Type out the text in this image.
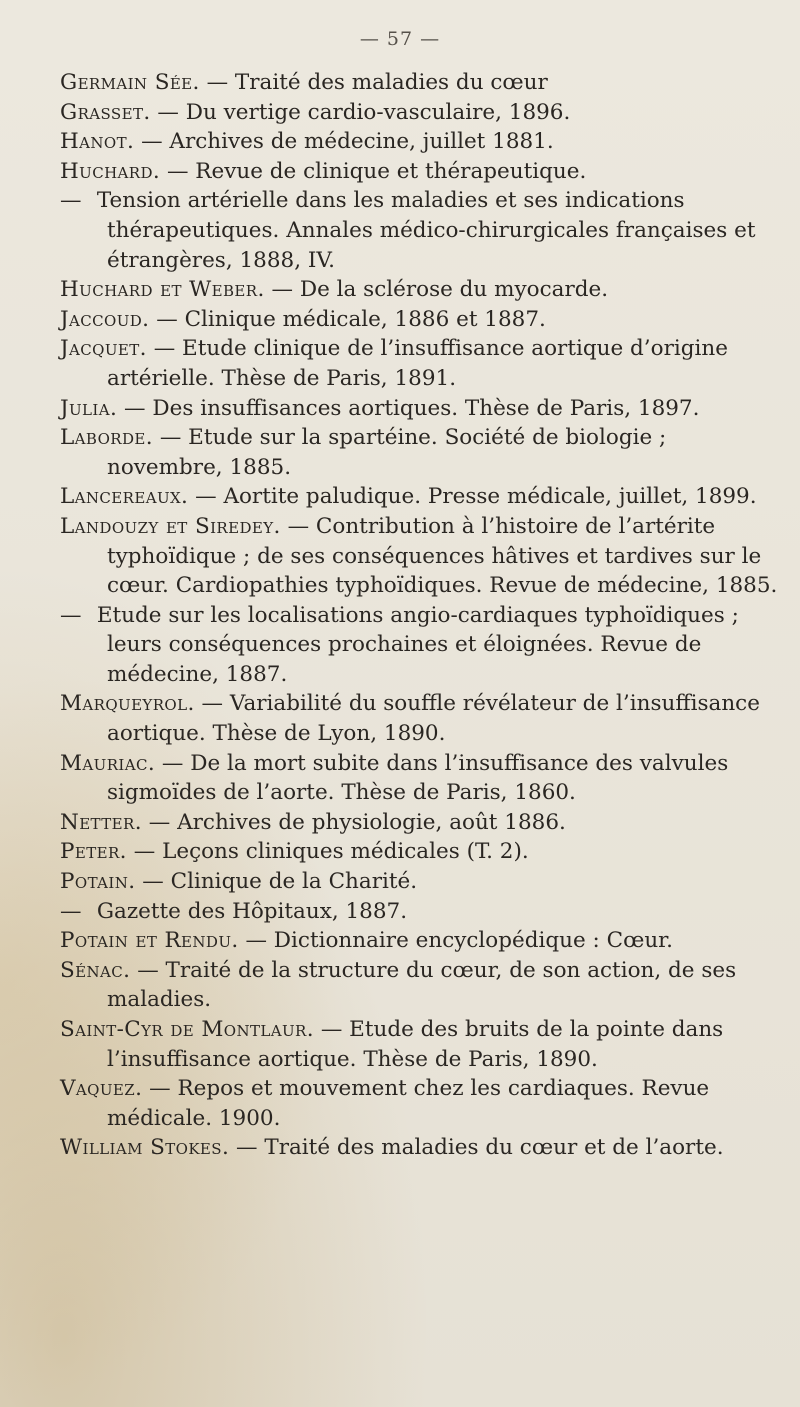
— 57 —

Germain Sée. — Traité des maladies du cœur

Grasset. — Du vertige cardio-vasculaire, 1896.

Hanot. — Archives de médecine, juillet 1881.

Huchard. — Revue de clinique et thérapeutique.

— Tension artérielle dans les maladies et ses indications thérapeutiques. Annales médico-chirurgicales françaises et étrangères, 1888, IV.

Huchard et Weber. — De la sclérose du myocarde.

Jaccoud. — Clinique médicale, 1886 et 1887.

Jacquet. — Etude clinique de l’insuffisance aortique d’origine artérielle. Thèse de Paris, 1891.

Julia. — Des insuffisances aortiques. Thèse de Paris, 1897.

Laborde. — Etude sur la spartéine. Société de biologie ; novembre, 1885.

Lancereaux. — Aortite paludique. Presse médicale, juillet, 1899.

Landouzy et Siredey. — Contribution à l’histoire de l’artérite typhoïdique ; de ses conséquences hâtives et tardives sur le cœur. Cardiopathies typhoïdiques. Revue de médecine, 1885.

— Etude sur les localisations angio-cardiaques typhoïdiques ; leurs conséquences prochaines et éloignées. Revue de médecine, 1887.

Marqueyrol. — Variabilité du souffle révélateur de l’insuffisance aortique. Thèse de Lyon, 1890.

Mauriac. — De la mort subite dans l’insuffisance des valvules sigmoïdes de l’aorte. Thèse de Paris, 1860.

Netter. — Archives de physiologie, août 1886.

Peter. — Leçons cliniques médicales (T. 2).

Potain. — Clinique de la Charité.

— Gazette des Hôpitaux, 1887.

Potain et Rendu. — Dictionnaire encyclopédique : Cœur.

Sénac. — Traité de la structure du cœur, de son action, de ses maladies.

Saint-Cyr de Montlaur. — Etude des bruits de la pointe dans l’insuffisance aortique. Thèse de Paris, 1890.

Vaquez. — Repos et mouvement chez les cardiaques. Revue médicale. 1900.

William Stokes. — Traité des maladies du cœur et de l’aorte.
